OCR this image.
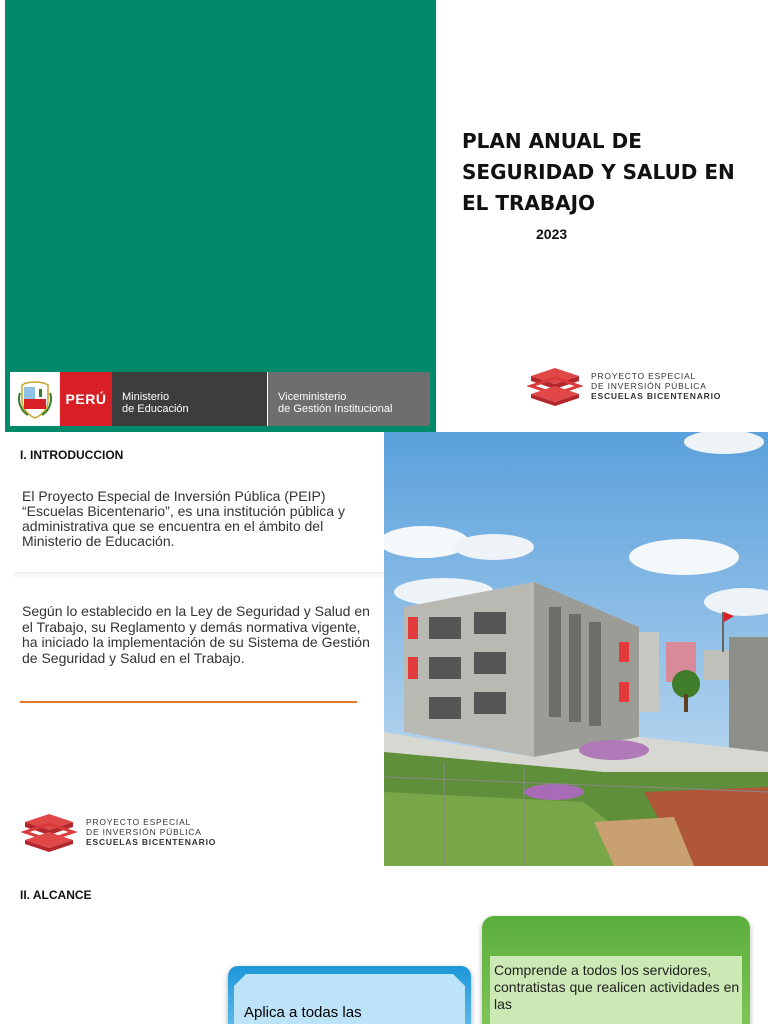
PERÚ	Ministerio
de Educación
Viceministerio
de Gestión Institucional
PLAN ANUAL DE SEGURIDAD Y SALUD EN EL TRABAJO
2023
PROYECTO ESPECIAL
DE INVERSIÓN PÚBLICA
ESCUELAS BICENTENARIO
I. INTRODUCCION
El Proyecto Especial de Inversión Pública (PEIP) “Escuelas Bicentenario”, es una institución pública y administrativa que se encuentra en el ámbito del Ministerio de Educación.
Según lo establecido en la Ley de Seguridad y Salud en el Trabajo, su Reglamento y demás normativa vigente, ha iniciado la implementación de su Sistema de Gestión de Seguridad y Salud en el Trabajo.
PROYECTO ESPECIAL
DE INVERSIÓN PÚBLICA
ESCUELAS BICENTENARIO
II. ALCANCE
Aplica a todas las
Comprende a todos los servidores, contratistas que realicen actividades en las
